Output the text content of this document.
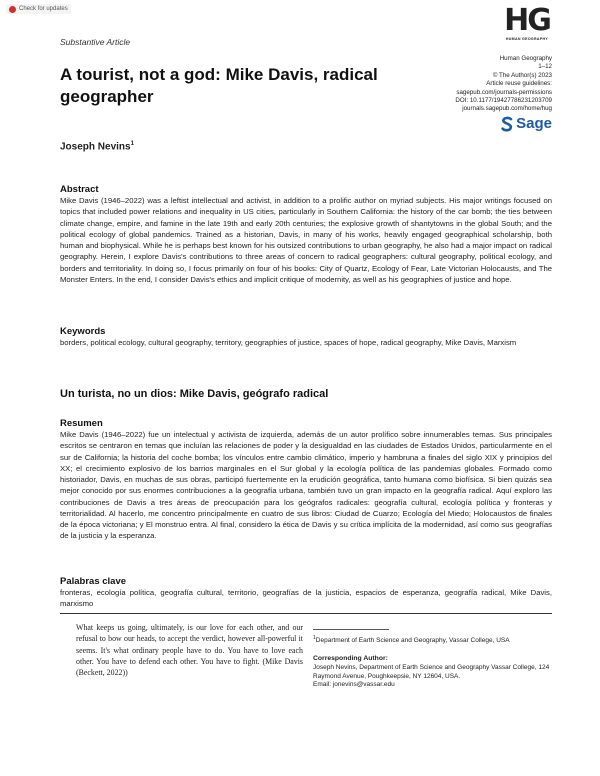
Check for updates
Substantive Article
HG
HUMAN GEOGRAPHY
Human Geography
1–12
© The Author(s) 2023
Article reuse guidelines:
sagepub.com/journals-permissions
DOI: 10.1177/19427786231203709
journals.sagepub.com/home/hug
Sage
A tourist, not a god: Mike Davis, radical geographer
Joseph Nevins$^1$
Abstract

Mike Davis (1946–2022) was a leftist intellectual and activist, in addition to a prolific author on myriad subjects. His major writings focused on topics that included power relations and inequality in US cities, particularly in Southern California: the history of the car bomb; the ties between climate change, empire, and famine in the late 19th and early 20th centuries; the explosive growth of shantytowns in the global South; and the political ecology of global pandemics. Trained as a historian, Davis, in many of his works, heavily engaged geographical scholarship, both human and biophysical. While he is perhaps best known for his outsized contributions to urban geography, he also had a major impact on radical geography. Herein, I explore Davis's contributions to three areas of concern to radical geographers: cultural geography, political ecology, and borders and territoriality. In doing so, I focus primarily on four of his books: City of Quartz, Ecology of Fear, Late Victorian Holocausts, and The Monster Enters. In the end, I consider Davis's ethics and implicit critique of modernity, as well as his geographies of justice and hope.

Keywords

borders, political ecology, cultural geography, territory, geographies of justice, spaces of hope, radical geography, Mike Davis, Marxism

Un turista, no un dios: Mike Davis, geógrafo radical
Resumen

Mike Davis (1946–2022) fue un intelectual y activista de izquierda, además de un autor prolífico sobre innumerables temas. Sus principales escritos se centraron en temas que incluían las relaciones de poder y la desigualdad en las ciudades de Estados Unidos, particularmente en el sur de California; la historia del coche bomba; los vínculos entre cambio climático, imperio y hambruna a finales del siglo XIX y principios del XX; el crecimiento explosivo de los barrios marginales en el Sur global y la ecología política de las pandemias globales. Formado como historiador, Davis, en muchas de sus obras, participó fuertemente en la erudición geográfica, tanto humana como biofísica. Si bien quizás sea mejor conocido por sus enormes contribuciones a la geografía urbana, también tuvo un gran impacto en la geografía radical. Aquí exploro las contribuciones de Davis a tres áreas de preocupación para los geógrafos radicales: geografía cultural, ecología política y fronteras y territorialidad. Al hacerlo, me concentro principalmente en cuatro de sus libros: Ciudad de Cuarzo; Ecología del Miedo; Holocaustos de finales de la época victoriana; y El monstruo entra. Al final, considero la ética de Davis y su crítica implícita de la modernidad, así como sus geografías de la justicia y la esperanza.

Palabras clave

fronteras, ecología política, geografía cultural, territorio, geografías de la justicia, espacios de esperanza, geografía radical, Mike Davis, marxismo

What keeps us going, ultimately, is our love for each other, and our refusal to bow our heads, to accept the verdict, however all-powerful it seems. It's what ordinary people have to do. You have to love each other. You have to defend each other. You have to fight. (Mike Davis (Beckett, 2022))

$^1$Department of Earth Science and Geography, Vassar College, USA

Corresponding Author:
Joseph Nevins, Department of Earth Science and Geography Vassar College, 124 Raymond Avenue, Poughkeepsie, NY 12604, USA.
Email: jonevins@vassar.edu
